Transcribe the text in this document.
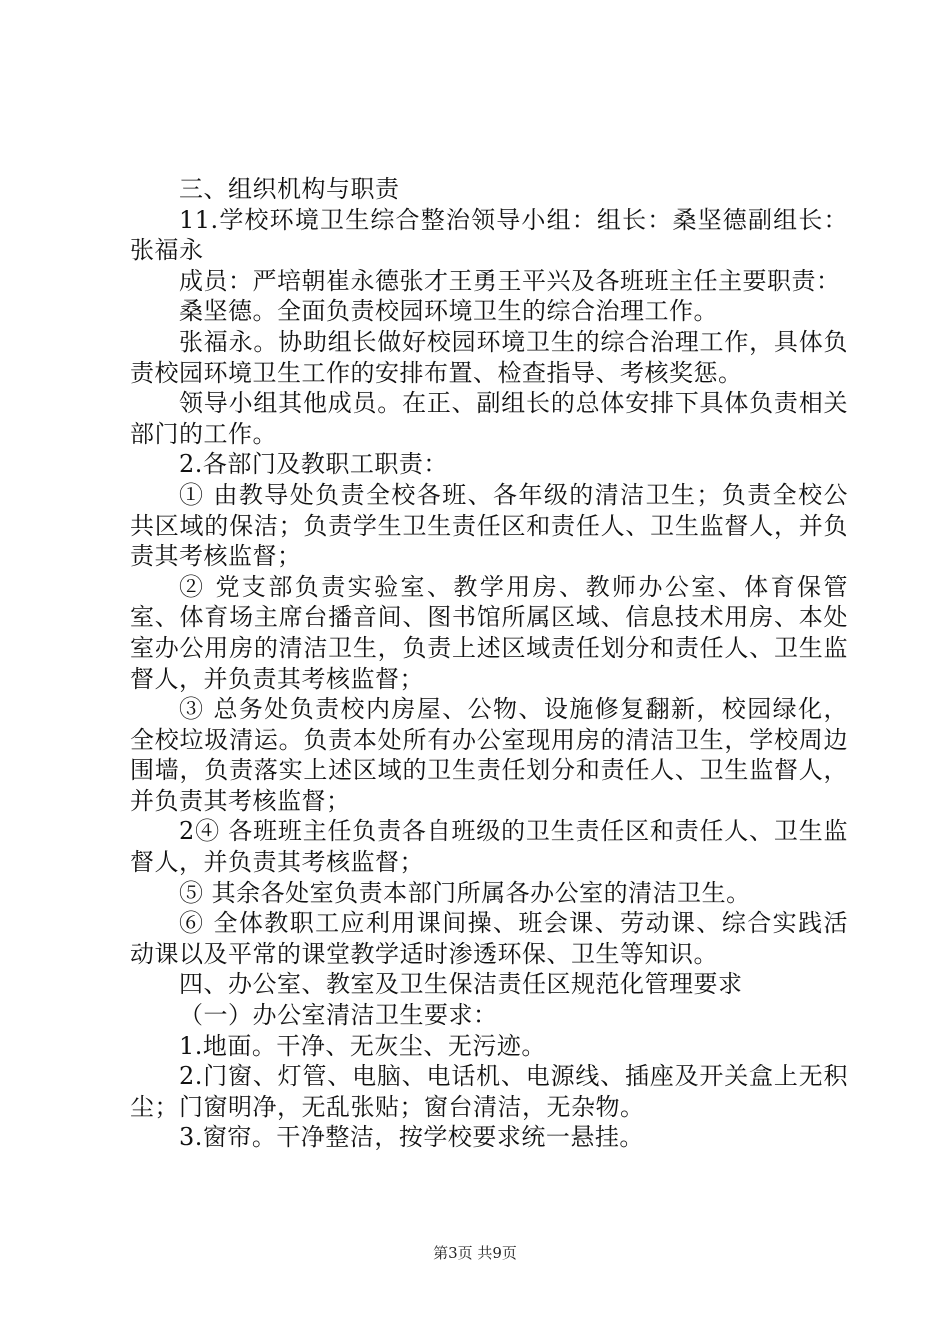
三、组织机构与职责

11.学校环境卫生综合整治领导小组：组长：桑坚德副组长：张福永

成员：严培朝崔永德张才王勇王平兴及各班班主任主要职责：

桑坚德。全面负责校园环境卫生的综合治理工作。

张福永。协助组长做好校园环境卫生的综合治理工作，具体负责校园环境卫生工作的安排布置、检查指导、考核奖惩。

领导小组其他成员。在正、副组长的总体安排下具体负责相关部门的工作。

2.各部门及教职工职责：

① 由教导处负责全校各班、各年级的清洁卫生；负责全校公共区域的保洁；负责学生卫生责任区和责任人、卫生监督人，并负责其考核监督；

② 党支部负责实验室、教学用房、教师办公室、体育保管室、体育场主席台播音间、图书馆所属区域、信息技术用房、本处室办公用房的清洁卫生，负责上述区域责任划分和责任人、卫生监督人，并负责其考核监督；

③ 总务处负责校内房屋、公物、设施修复翻新，校园绿化，全校垃圾清运。负责本处所有办公室现用房的清洁卫生，学校周边围墙，负责落实上述区域的卫生责任划分和责任人、卫生监督人，并负责其考核监督；

2④ 各班班主任负责各自班级的卫生责任区和责任人、卫生监督人，并负责其考核监督；

⑤ 其余各处室负责本部门所属各办公室的清洁卫生。

⑥ 全体教职工应利用课间操、班会课、劳动课、综合实践活动课以及平常的课堂教学适时渗透环保、卫生等知识。

四、办公室、教室及卫生保洁责任区规范化管理要求

（一）办公室清洁卫生要求：

1.地面。干净、无灰尘、无污迹。

2.门窗、灯管、电脑、电话机、电源线、插座及开关盒上无积尘；门窗明净，无乱张贴；窗台清洁，无杂物。

3.窗帘。干净整洁，按学校要求统一悬挂。

第3页 共9页
